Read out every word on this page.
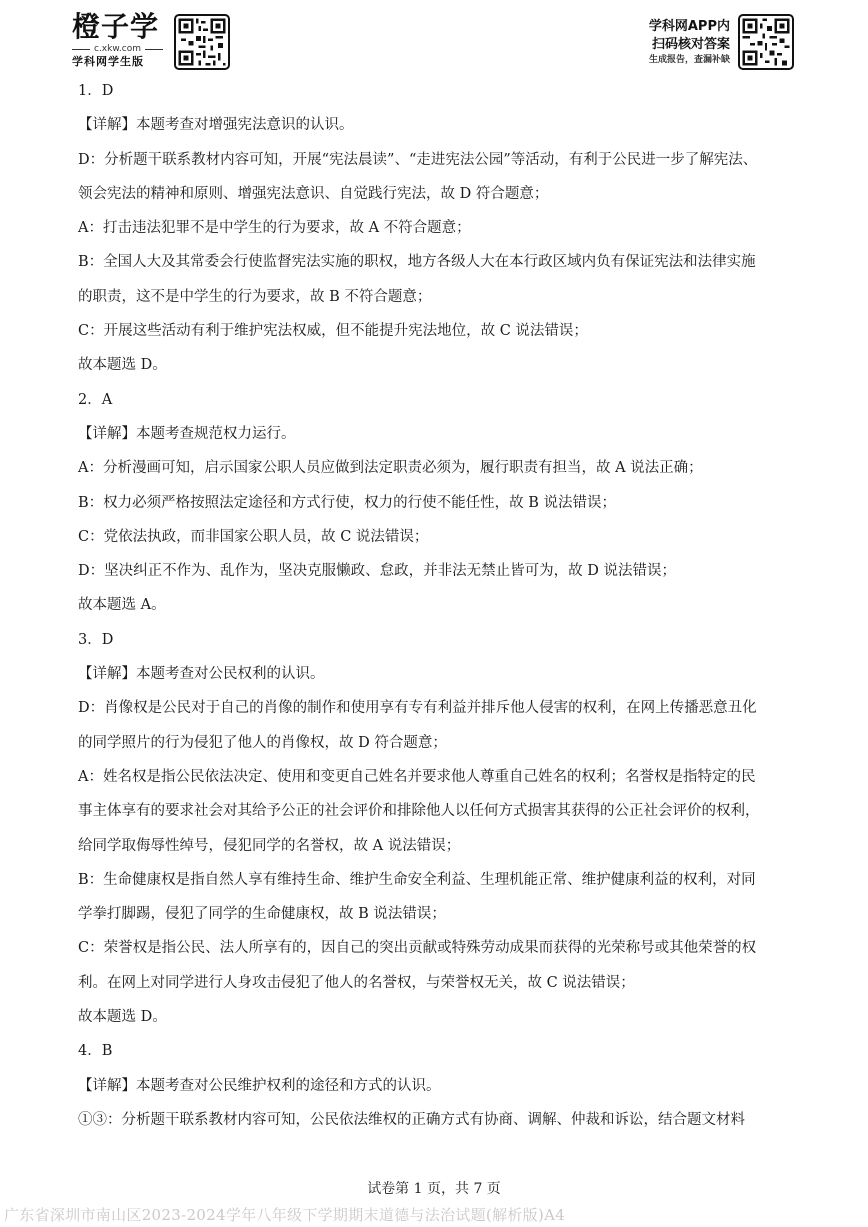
橙子学
c.xkw.com
学科网学生版
学科网APP内
扫码核对答案
生成报告，查漏补缺
1．D
【详解】本题考查对增强宪法意识的认识。
D：分析题干联系教材内容可知，开展“宪法晨读”、“走进宪法公园”等活动，有利于公民进一步了解宪法、
领会宪法的精神和原则、增强宪法意识、自觉践行宪法，故 D 符合题意；
A：打击违法犯罪不是中学生的行为要求，故 A 不符合题意；
B：全国人大及其常委会行使监督宪法实施的职权，地方各级人大在本行政区域内负有保证宪法和法律实施
的职责，这不是中学生的行为要求，故 B 不符合题意；
C：开展这些活动有利于维护宪法权威，但不能提升宪法地位，故 C 说法错误；
故本题选 D。
2．A
【详解】本题考查规范权力运行。
A：分析漫画可知，启示国家公职人员应做到法定职责必须为，履行职责有担当，故 A 说法正确；
B：权力必须严格按照法定途径和方式行使，权力的行使不能任性，故 B 说法错误；
C：党依法执政，而非国家公职人员，故 C 说法错误；
D：坚决纠正不作为、乱作为，坚决克服懒政、怠政，并非法无禁止皆可为，故 D 说法错误；
故本题选 A。
3．D
【详解】本题考查对公民权利的认识。
D：肖像权是公民对于自己的肖像的制作和使用享有专有利益并排斥他人侵害的权利，在网上传播恶意丑化
的同学照片的行为侵犯了他人的肖像权，故 D 符合题意；
A：姓名权是指公民依法决定、使用和变更自己姓名并要求他人尊重自己姓名的权利；名誉权是指特定的民
事主体享有的要求社会对其给予公正的社会评价和排除他人以任何方式损害其获得的公正社会评价的权利，
给同学取侮辱性绰号，侵犯同学的名誉权，故 A 说法错误；
B：生命健康权是指自然人享有维持生命、维护生命安全利益、生理机能正常、维护健康利益的权利，对同
学拳打脚踢，侵犯了同学的生命健康权，故 B 说法错误；
C：荣誉权是指公民、法人所享有的，因自己的突出贡献或特殊劳动成果而获得的光荣称号或其他荣誉的权
利。在网上对同学进行人身攻击侵犯了他人的名誉权，与荣誉权无关，故 C 说法错误；
故本题选 D。
4．B
【详解】本题考查对公民维护权利的途径和方式的认识。
①③：分析题干联系教材内容可知，公民依法维权的正确方式有协商、调解、仲裁和诉讼，结合题文材料
试卷第 1 页，共 7 页
广东省深圳市南山区2023-2024学年八年级下学期期末道德与法治试题(解析版)A4
